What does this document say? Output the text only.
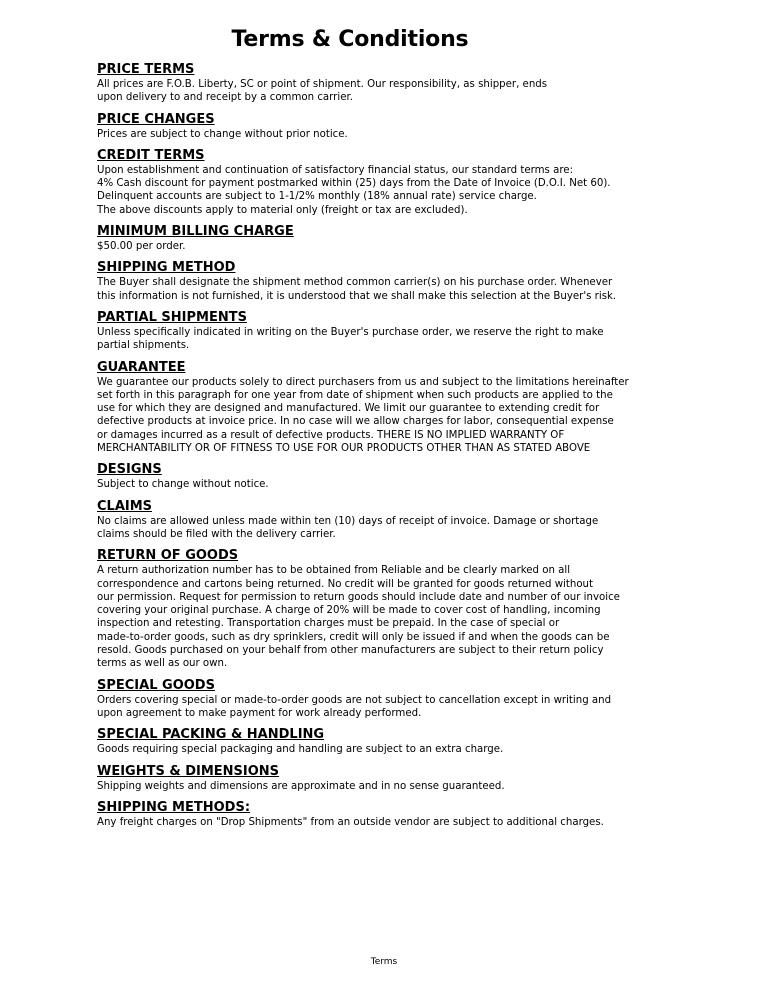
Terms & Conditions
PRICE TERMS
All prices are F.O.B. Liberty, SC or point of shipment. Our responsibility, as shipper, ends
upon delivery to and receipt by a common carrier.
PRICE CHANGES
Prices are subject to change without prior notice.
CREDIT TERMS
Upon establishment and continuation of satisfactory financial status, our standard terms are:
4% Cash discount for payment postmarked within (25) days from the Date of Invoice (D.O.I. Net 60).
Delinquent accounts are subject to 1-1/2% monthly (18% annual rate) service charge.
The above discounts apply to material only (freight or tax are excluded).
MINIMUM BILLING CHARGE
$50.00 per order.
SHIPPING METHOD
The Buyer shall designate the shipment method common carrier(s) on his purchase order. Whenever
this information is not furnished, it is understood that we shall make this selection at the Buyer's risk.
PARTIAL SHIPMENTS
Unless specifically indicated in writing on the Buyer's purchase order, we reserve the right to make
partial shipments.
GUARANTEE
We guarantee our products solely to direct purchasers from us and subject to the limitations hereinafter
set forth in this paragraph for one year from date of shipment when such products are applied to the
use for which they are designed and manufactured. We limit our guarantee to extending credit for
defective products at invoice price. In no case will we allow charges for labor, consequential expense
or damages incurred as a result of defective products. THERE IS NO IMPLIED WARRANTY OF
MERCHANTABILITY OR OF FITNESS TO USE FOR OUR PRODUCTS OTHER THAN AS STATED ABOVE
DESIGNS
Subject to change without notice.
CLAIMS
No claims are allowed unless made within ten (10) days of receipt of invoice. Damage or shortage
claims should be filed with the delivery carrier.
RETURN OF GOODS
A return authorization number has to be obtained from Reliable and be clearly marked on all
correspondence and cartons being returned. No credit will be granted for goods returned without
our permission. Request for permission to return goods should include date and number of our invoice
covering your original purchase. A charge of 20% will be made to cover cost of handling, incoming
inspection and retesting. Transportation charges must be prepaid. In the case of special or
made-to-order goods, such as dry sprinklers, credit will only be issued if and when the goods can be
resold. Goods purchased on your behalf from other manufacturers are subject to their return policy
terms as well as our own.
SPECIAL GOODS
Orders covering special or made-to-order goods are not subject to cancellation except in writing and
upon agreement to make payment for work already performed.
SPECIAL PACKING & HANDLING
Goods requiring special packaging and handling are subject to an extra charge.
WEIGHTS & DIMENSIONS
Shipping weights and dimensions are approximate and in no sense guaranteed.
SHIPPING METHODS:
Any freight charges on "Drop Shipments" from an outside vendor are subject to additional charges.
Terms
